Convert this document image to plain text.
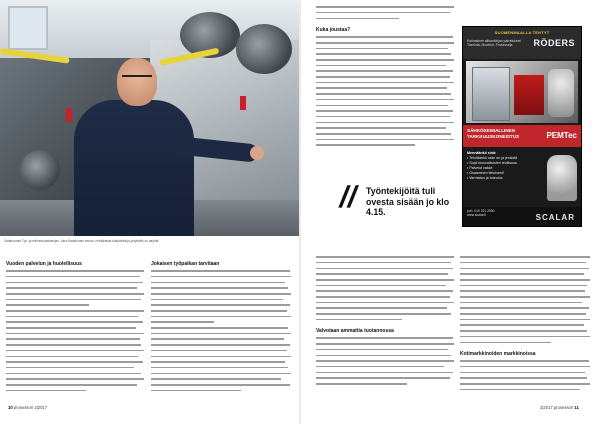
Satakunnan Työ- ja elinkeinopalvelujen Juha Raakkonen kertoo, minkälaisia tukipalveluja yrityksille on tarjolla.
Vuoden palvelun ja huolellisuus	Jokaisen työpaikan tarvitaan
10 prosessori 2|2017
Kuka joustaa?
// Työntekijöitä tuli ovesta sisään jo klo 4.15.
SUOMENMAALLA TEHTYT
Kotimainen alihankkijan palvelukset Toiminta, Moottori, Prosesseja	RÖDERS
SÄHKÖKEMIALLINEN TARKKUUSKONEISTUS	PEMTec
Mennäänkö sinä:
• Tehdäänkö osiin on ja jenkistä
• Sopii innovatiivisten teollisuus
• Palvelut vakiot
• Osaaminen tietoisesti
• Varmistus ja toteutus
puh. 010 321 2550
www.scalar.fi	SCALAR
Valvotaan ammattia tuotannossa
Kotimarkkinoiden markkinoissa
2|2017 prosessori 11
